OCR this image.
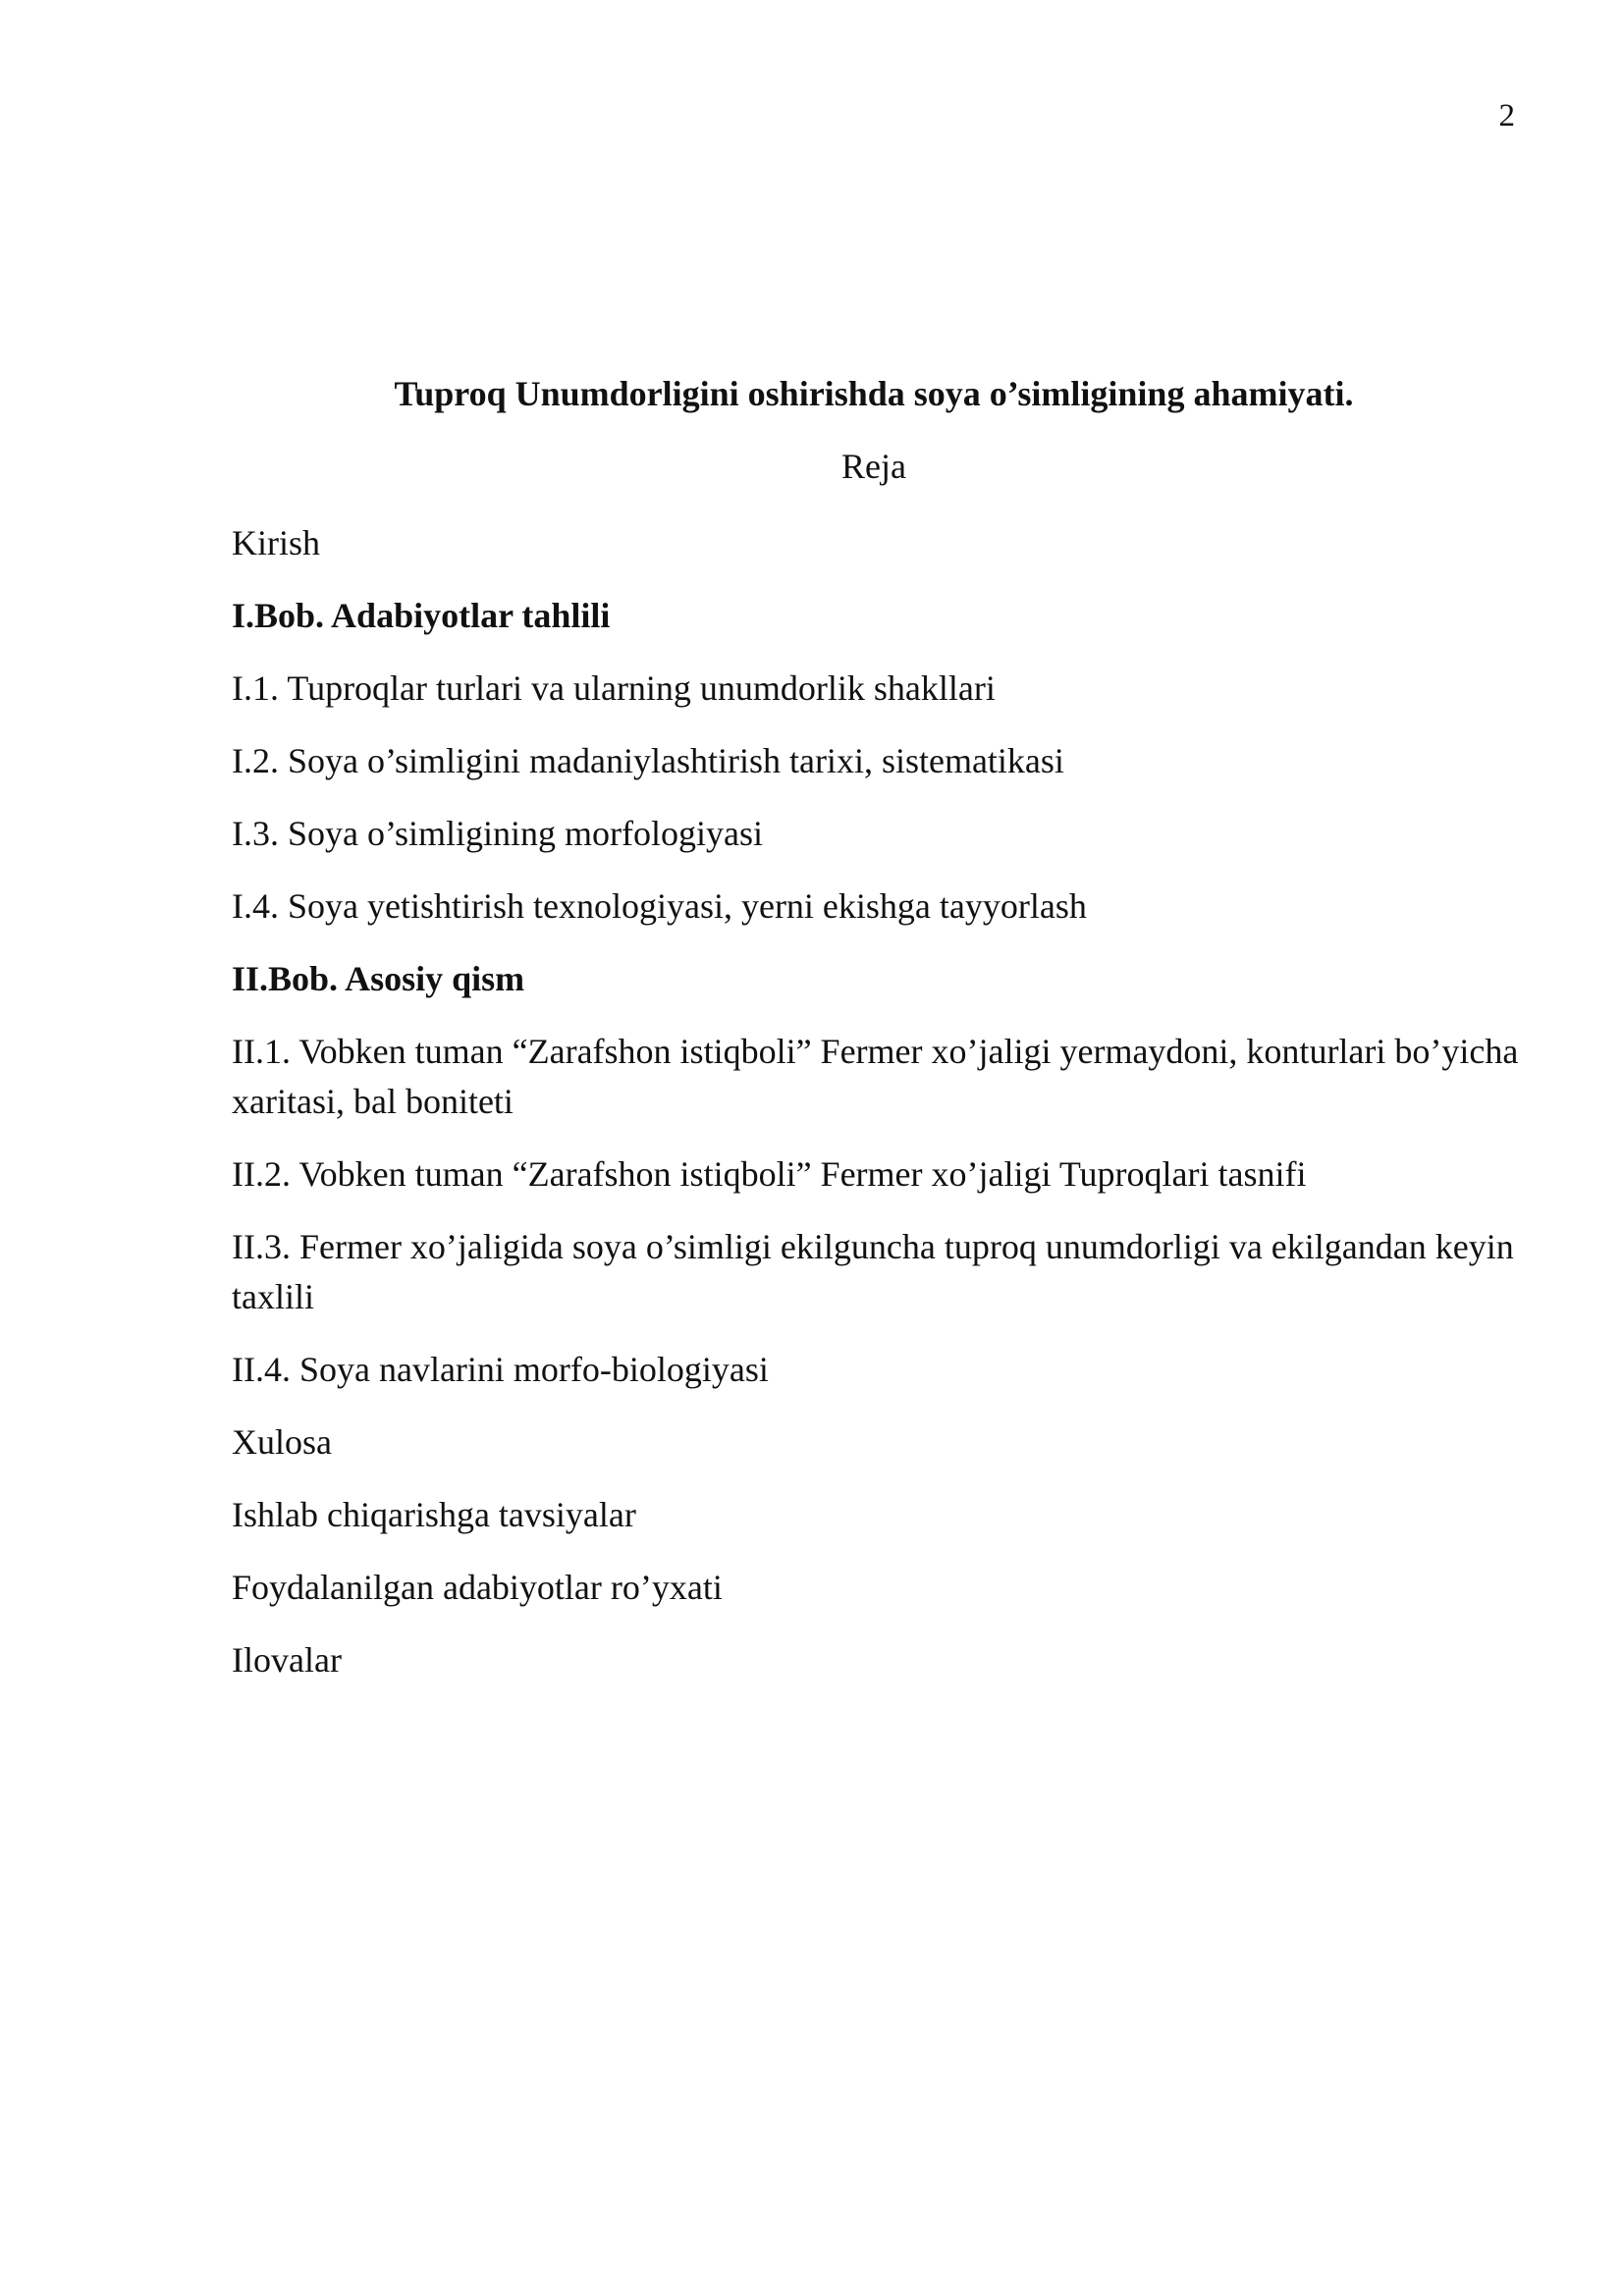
2
Tuproq Unumdorligini oshirishda soya o’simligining ahamiyati.
Reja
Kirish
I.Bob. Adabiyotlar tahlili
I.1. Tuproqlar turlari va ularning unumdorlik shakllari
I.2. Soya o’simligini madaniylashtirish tarixi, sistematikasi
I.3. Soya o’simligining morfologiyasi
I.4. Soya yetishtirish texnologiyasi, yerni ekishga tayyorlash
II.Bob. Asosiy qism
II.1. Vobken tuman “Zarafshon istiqboli” Fermer xo’jaligi yermaydoni, konturlari bo’yicha xaritasi, bal boniteti
II.2. Vobken tuman “Zarafshon istiqboli” Fermer xo’jaligi Tuproqlari tasnifi
II.3. Fermer xo’jaligida soya o’simligi ekilguncha tuproq unumdorligi va ekilgandan keyin taxlili
II.4. Soya navlarini morfo-biologiyasi
Xulosa
Ishlab chiqarishga tavsiyalar
Foydalanilgan adabiyotlar ro’yxati
Ilovalar
